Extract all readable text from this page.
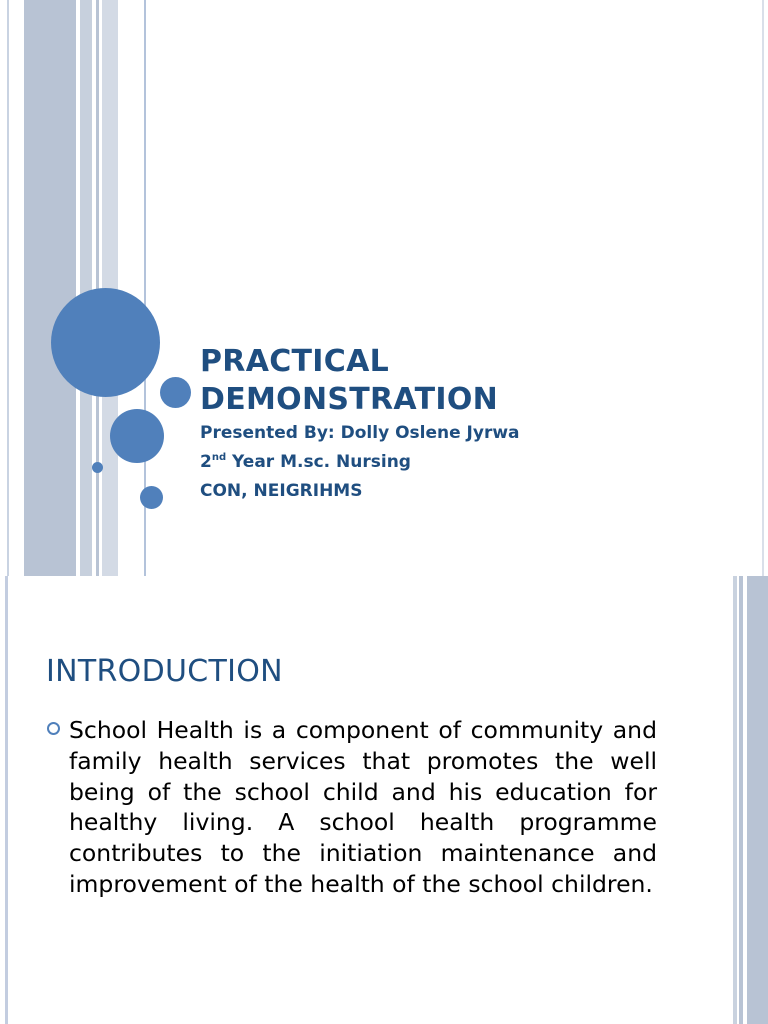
PRACTICAL

DEMONSTRATION

Presented By: Dolly Oslene Jyrwa

2nd Year M.sc. Nursing

CON, NEIGRIHMS

INTRODUCTION

School Health is a component of community and family health services that promotes the well being of the school child and his education for healthy living. A school health programme contributes to the initiation maintenance and improvement of the health of the school children.
